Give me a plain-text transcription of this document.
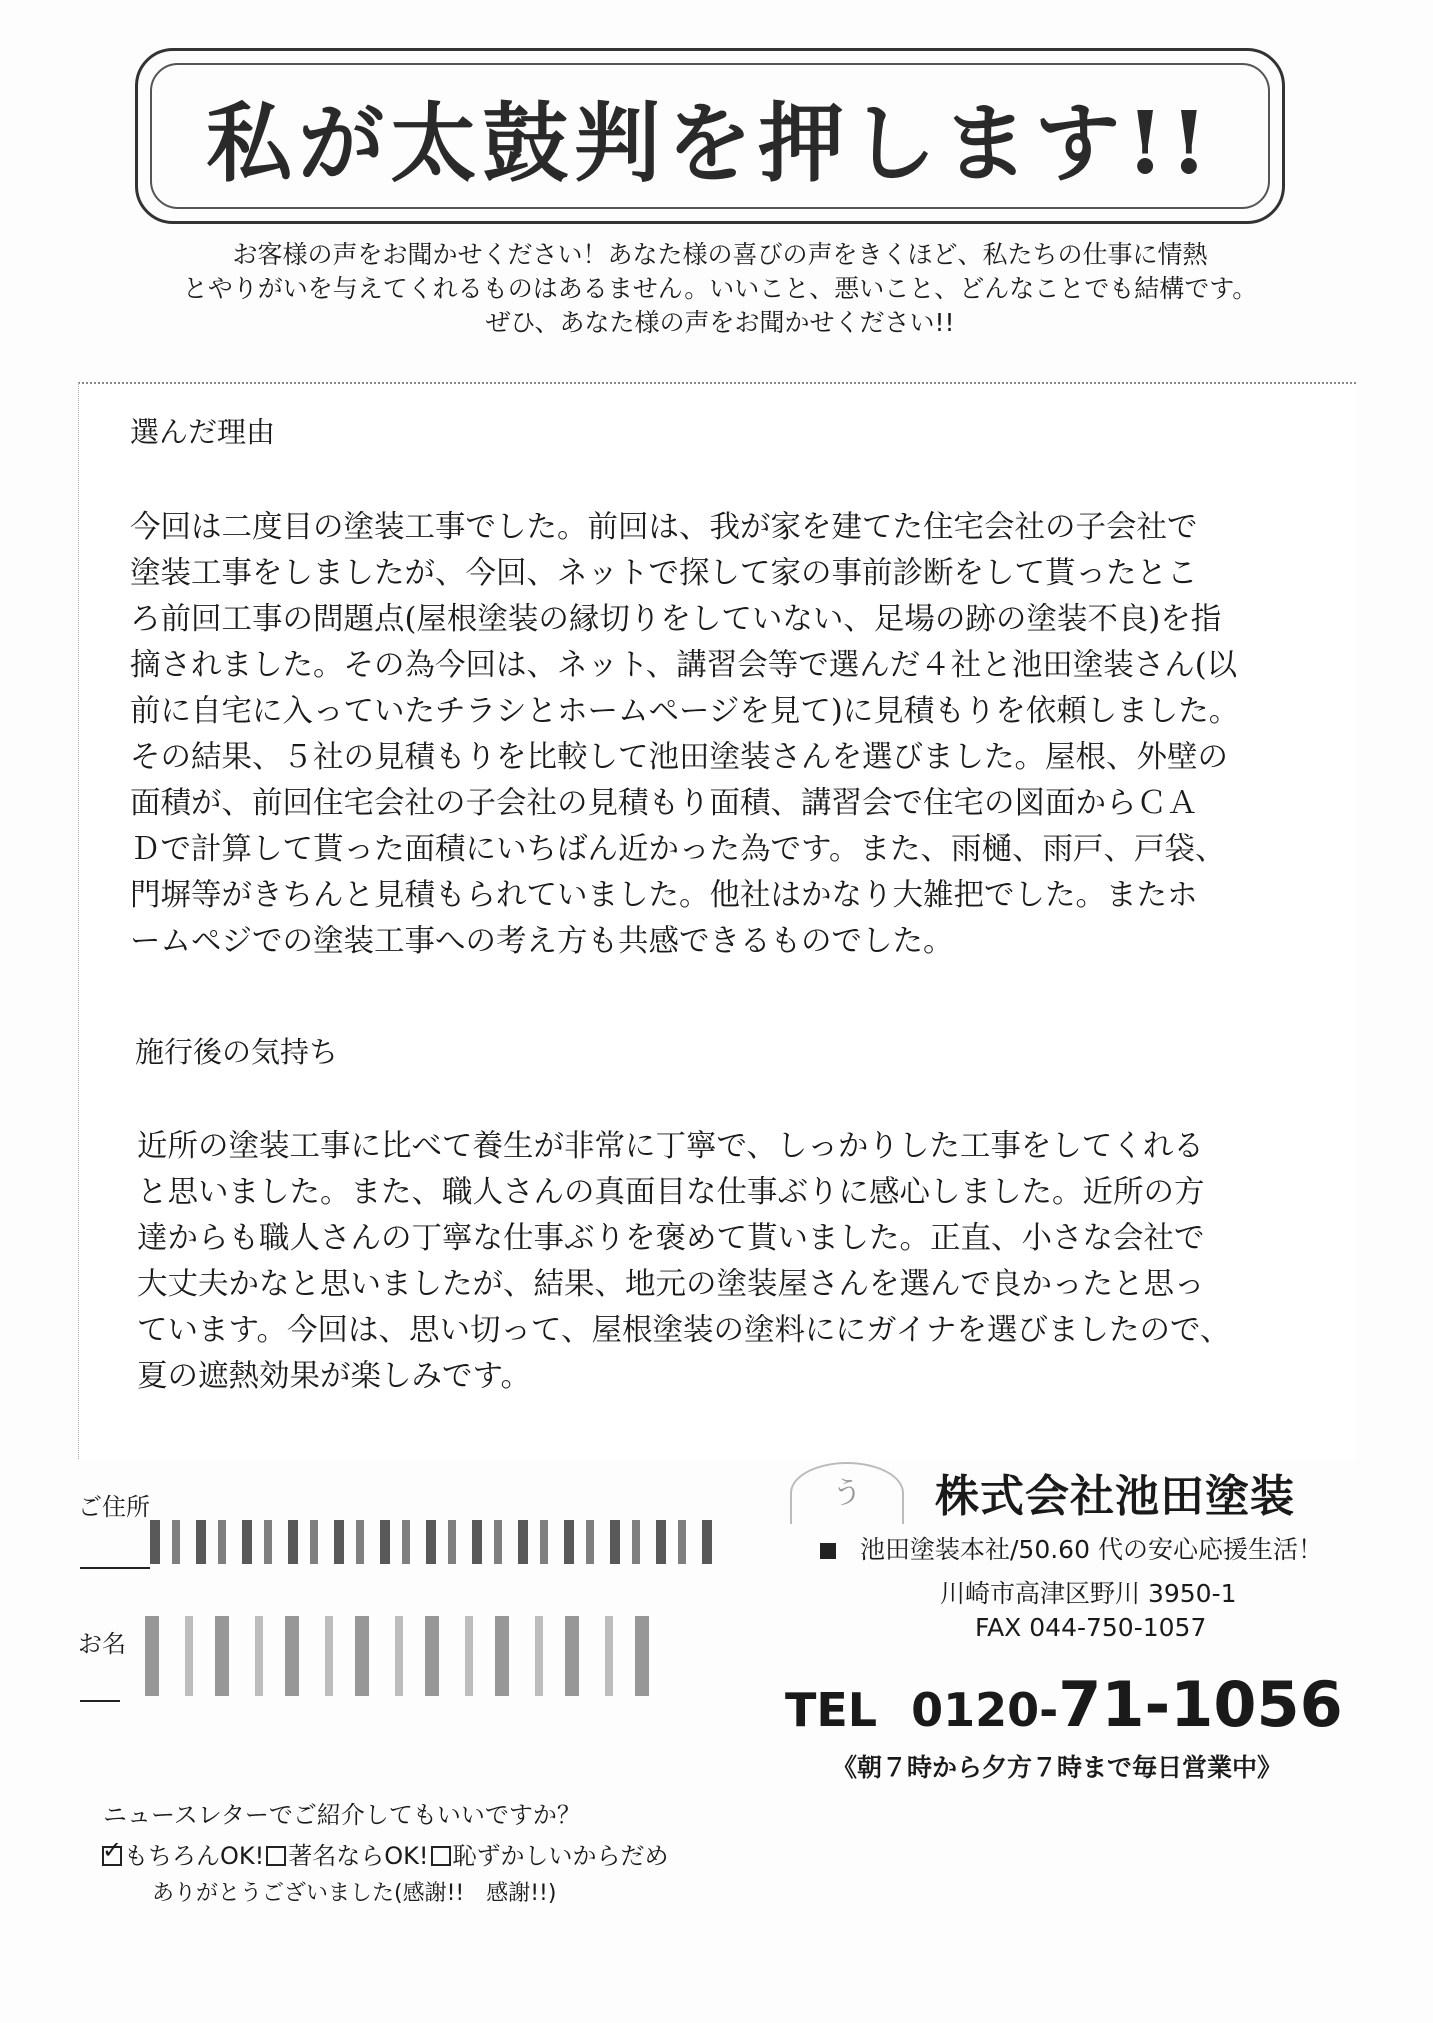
私が太鼓判を押します!!
お客様の声をお聞かせください！あなた様の喜びの声をきくほど、私たちの仕事に情熱
とやりがいを与えてくれるものはあるません。いいこと、悪いこと、どんなことでも結構です。
ぜひ、あなた様の声をお聞かせください!!
選んだ理由
今回は二度目の塗装工事でした。前回は、我が家を建てた住宅会社の子会社で
塗装工事をしましたが、今回、ネットで探して家の事前診断をして貰ったとこ
ろ前回工事の問題点(屋根塗装の縁切りをしていない、足場の跡の塗装不良)を指
摘されました。その為今回は、ネット、講習会等で選んだ４社と池田塗装さん(以
前に自宅に入っていたチラシとホームページを見て)に見積もりを依頼しました。
その結果、５社の見積もりを比較して池田塗装さんを選びました。屋根、外壁の
面積が、前回住宅会社の子会社の見積もり面積、講習会で住宅の図面からＣＡ
Ｄで計算して貰った面積にいちばん近かった為です。また、雨樋、雨戸、戸袋、
門塀等がきちんと見積もられていました。他社はかなり大雑把でした。またホ
ームペジでの塗装工事への考え方も共感できるものでした。
施行後の気持ち
近所の塗装工事に比べて養生が非常に丁寧で、しっかりした工事をしてくれる
と思いました。また、職人さんの真面目な仕事ぶりに感心しました。近所の方
達からも職人さんの丁寧な仕事ぶりを褒めて貰いました。正直、小さな会社で
大丈夫かなと思いましたが、結果、地元の塗装屋さんを選んで良かったと思っ
ています。今回は、思い切って、屋根塗装の塗料ににガイナを選びましたので、
夏の遮熱効果が楽しみです。
う	株式会社池田塗装
池田塗装本社/50.60 代の安心応援生活！
川崎市高津区野川 3950-1
FAX 044-750-1057
TEL 0120-71-1056
《朝７時から夕方７時まで毎日営業中》
ご住所
お名
ニュースレターでご紹介してもいいですか？
✓もちろんOK! 著名ならOK! 恥ずかしいからだめ
ありがとうございました(感謝!!　感謝!!)
